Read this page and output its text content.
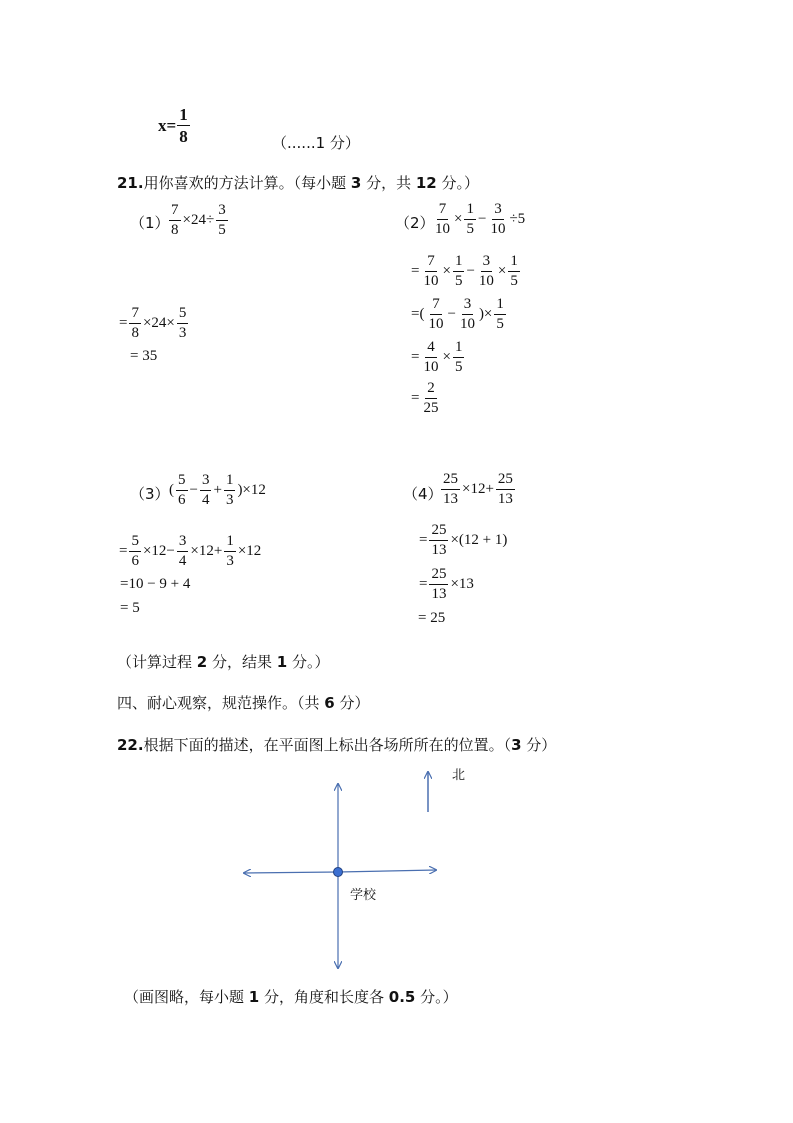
$x= \frac{1}{8}$	（......1 分）
21.用你喜欢的方法计算。（每小题 3 分，共 12 分。）
$(1) \frac{7}{8} \times 24\div \frac{3}{5}$
= $\frac{7}{8} \times 24\times \frac{5}{3}$
= 35
（2）
$\frac{7}{10} \times \frac{1}{5} - \frac{3}{10} \div 5$
= $\frac{7}{10} \times \frac{1}{5} - \frac{3}{10} \times \frac{1}{5}$
=( $\frac{7}{10} - \frac{3}{10}$ )× $\frac{1}{5}$
= $\frac{4}{10} \times \frac{1}{5}$
= $\frac{2}{25}$
（3） ( $\frac{5}{6} - \frac{3}{4} + \frac{1}{3} )\times 12$
= $\frac{5}{6} \times 12- \frac{3}{4} \times 12+ \frac{1}{3} \times 12$
=10 − 9 + 4
= 5
（4）
$\frac{25}{13} \times 12+ \frac{25}{13}$
= $\frac{25}{13} \times(12 + 1)$
= $\frac{25}{13} \times 13$
= 25
（计算过程 2 分，结果 1 分。）
四、耐心观察，规范操作。（共 6 分）
22.根据下面的描述，在平面图上标出各场所所在的位置。（3 分）
北
学校
（画图略，每小题 1 分，角度和长度各 0.5 分。）
